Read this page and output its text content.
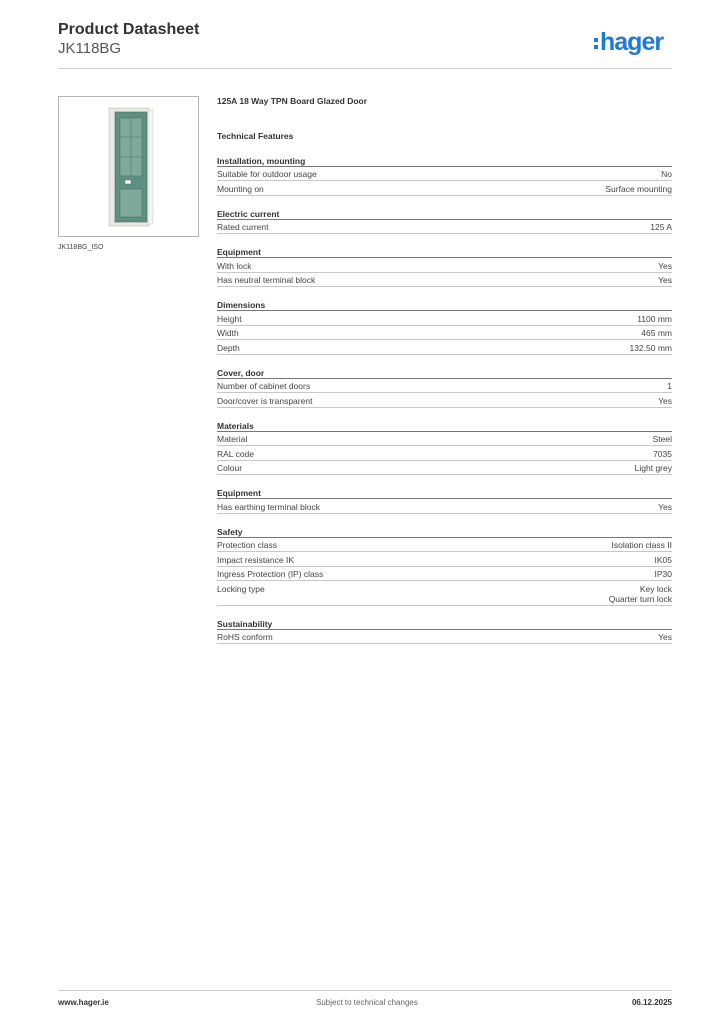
Product Datasheet
JK118BG	hager
JK118BG_ISO
125A 18 Way TPN Board Glazed Door
Technical Features
Installation, mounting
Suitable for outdoor usage	No
Mounting on	Surface mounting
Electric current
Rated current	125 A
Equipment
With lock	Yes
Has neutral terminal block	Yes
Dimensions
Height	1100 mm
Width	465 mm
Depth	132.50 mm
Cover, door
Number of cabinet doors	1
Door/cover is transparent	Yes
Materials
Material	Steel
RAL code	7035
Colour	Light grey
Equipment
Has earthing terminal block	Yes
Safety
Protection class	Isolation class II
Impact resistance IK	IK05
Ingress Protection (IP) class	IP30
Locking type	Key lock
Quarter turn lock
Sustainability
RoHS conform	Yes
www.hager.ie	Subject to technical changes	06.12.2025
